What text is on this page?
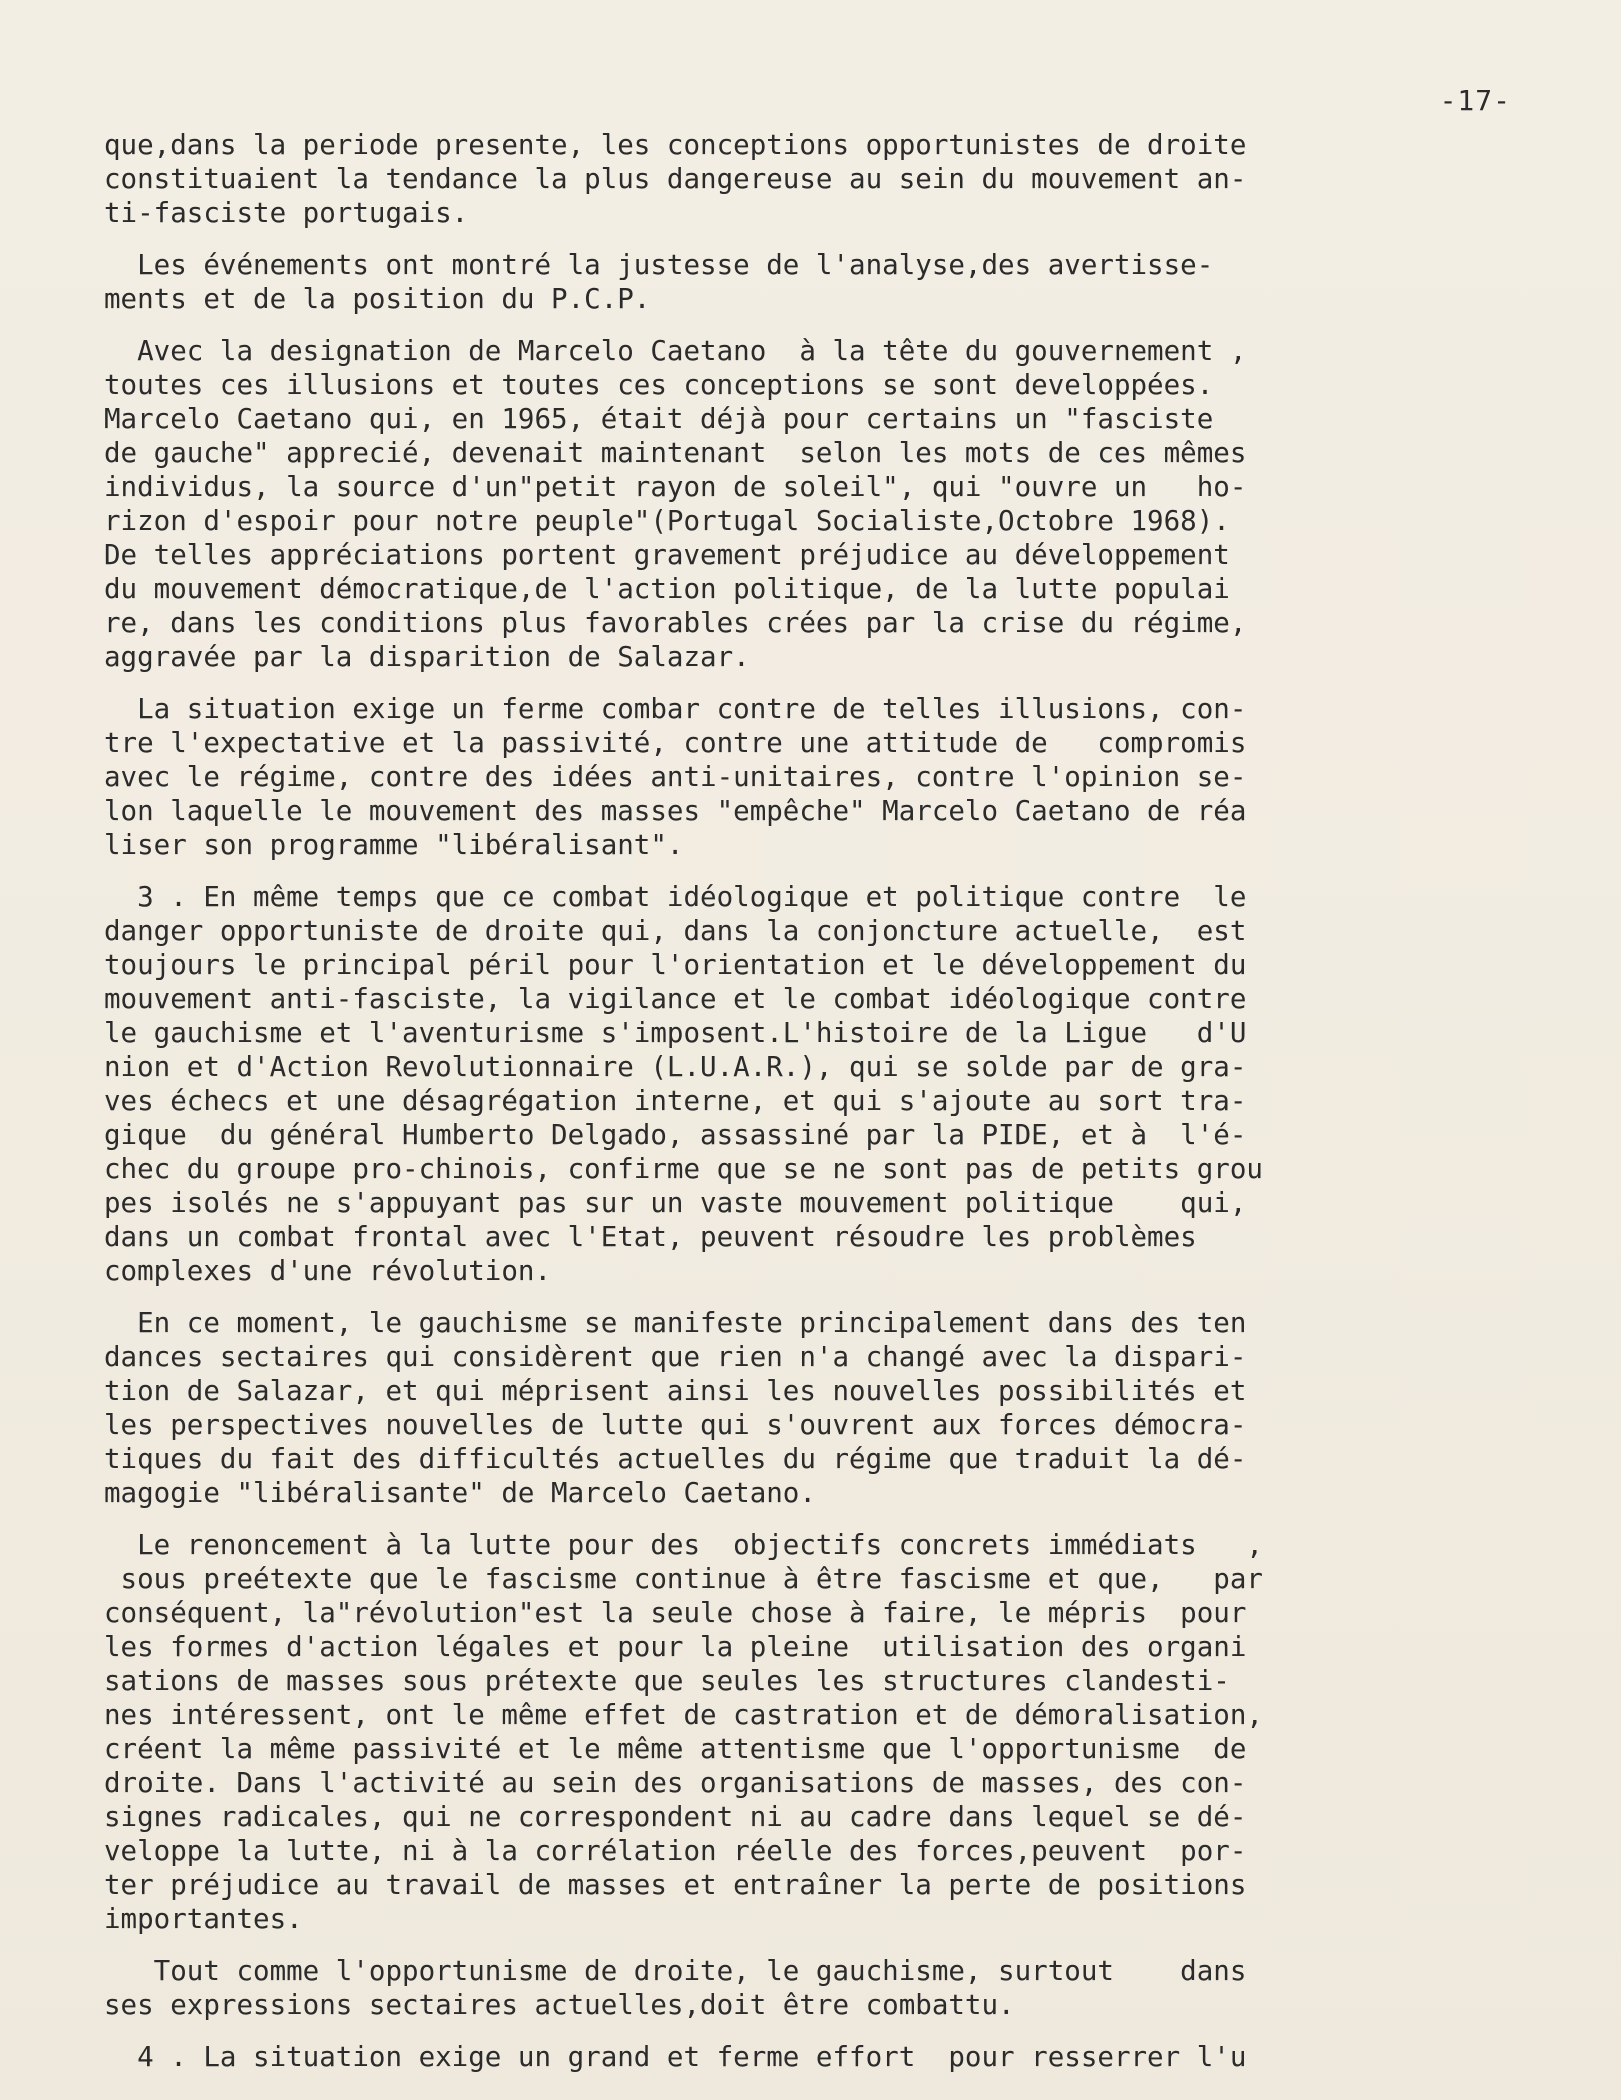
-17-

que,dans la periode presente, les conceptions opportunistes de droite
constituaient la tendance la plus dangereuse au sein du mouvement an-
ti-fasciste portugais.

Les événements ont montré la justesse de l'analyse,des avertisse-
ments et de la position du P.C.P.

Avec la designation de Marcelo Caetano  à la tête du gouvernement ,
toutes ces illusions et toutes ces conceptions se sont developpées.
Marcelo Caetano qui, en 1965, était déjà pour certains un "fasciste
de gauche" apprecié, devenait maintenant  selon les mots de ces mêmes
individus, la source d'un"petit rayon de soleil", qui "ouvre un   ho-
rizon d'espoir pour notre peuple"(Portugal Socialiste,Octobre 1968).
De telles appréciations portent gravement préjudice au développement
du mouvement démocratique,de l'action politique, de la lutte populai
re, dans les conditions plus favorables crées par la crise du régime,
aggravée par la disparition de Salazar.

La situation exige un ferme combar contre de telles illusions, con-
tre l'expectative et la passivité, contre une attitude de   compromis
avec le régime, contre des idées anti-unitaires, contre l'opinion se-
lon laquelle le mouvement des masses "empêche" Marcelo Caetano de réa
liser son programme "libéralisant".

3 . En même temps que ce combat idéologique et politique contre  le
danger opportuniste de droite qui, dans la conjoncture actuelle,  est
toujours le principal péril pour l'orientation et le développement du
mouvement anti-fasciste, la vigilance et le combat idéologique contre
le gauchisme et l'aventurisme s'imposent.L'histoire de la Ligue   d'U
nion et d'Action Revolutionnaire (L.U.A.R.), qui se solde par de gra-
ves échecs et une désagrégation interne, et qui s'ajoute au sort tra-
gique  du général Humberto Delgado, assassiné par la PIDE, et à  l'é-
chec du groupe pro-chinois, confirme que se ne sont pas de petits grou
pes isolés ne s'appuyant pas sur un vaste mouvement politique    qui,
dans un combat frontal avec l'Etat, peuvent résoudre les problèmes
complexes d'une révolution.

En ce moment, le gauchisme se manifeste principalement dans des ten
dances sectaires qui considèrent que rien n'a changé avec la dispari-
tion de Salazar, et qui méprisent ainsi les nouvelles possibilités et
les perspectives nouvelles de lutte qui s'ouvrent aux forces démocra-
tiques du fait des difficultés actuelles du régime que traduit la dé-
magogie "libéralisante" de Marcelo Caetano.

Le renoncement à la lutte pour des  objectifs concrets immédiats   ,
sous preétexte que le fascisme continue à être fascisme et que,   par
conséquent, la"révolution"est la seule chose à faire, le mépris  pour
les formes d'action légales et pour la pleine  utilisation des organi
sations de masses sous prétexte que seules les structures clandesti-
nes intéressent, ont le même effet de castration et de démoralisation,
créent la même passivité et le même attentisme que l'opportunisme  de
droite. Dans l'activité au sein des organisations de masses, des con-
signes radicales, qui ne correspondent ni au cadre dans lequel se dé-
veloppe la lutte, ni à la corrélation réelle des forces,peuvent  por-
ter préjudice au travail de masses et entraîner la perte de positions
importantes.

Tout comme l'opportunisme de droite, le gauchisme, surtout    dans
ses expressions sectaires actuelles,doit être combattu.

4 . La situation exige un grand et ferme effort  pour resserrer l'u
